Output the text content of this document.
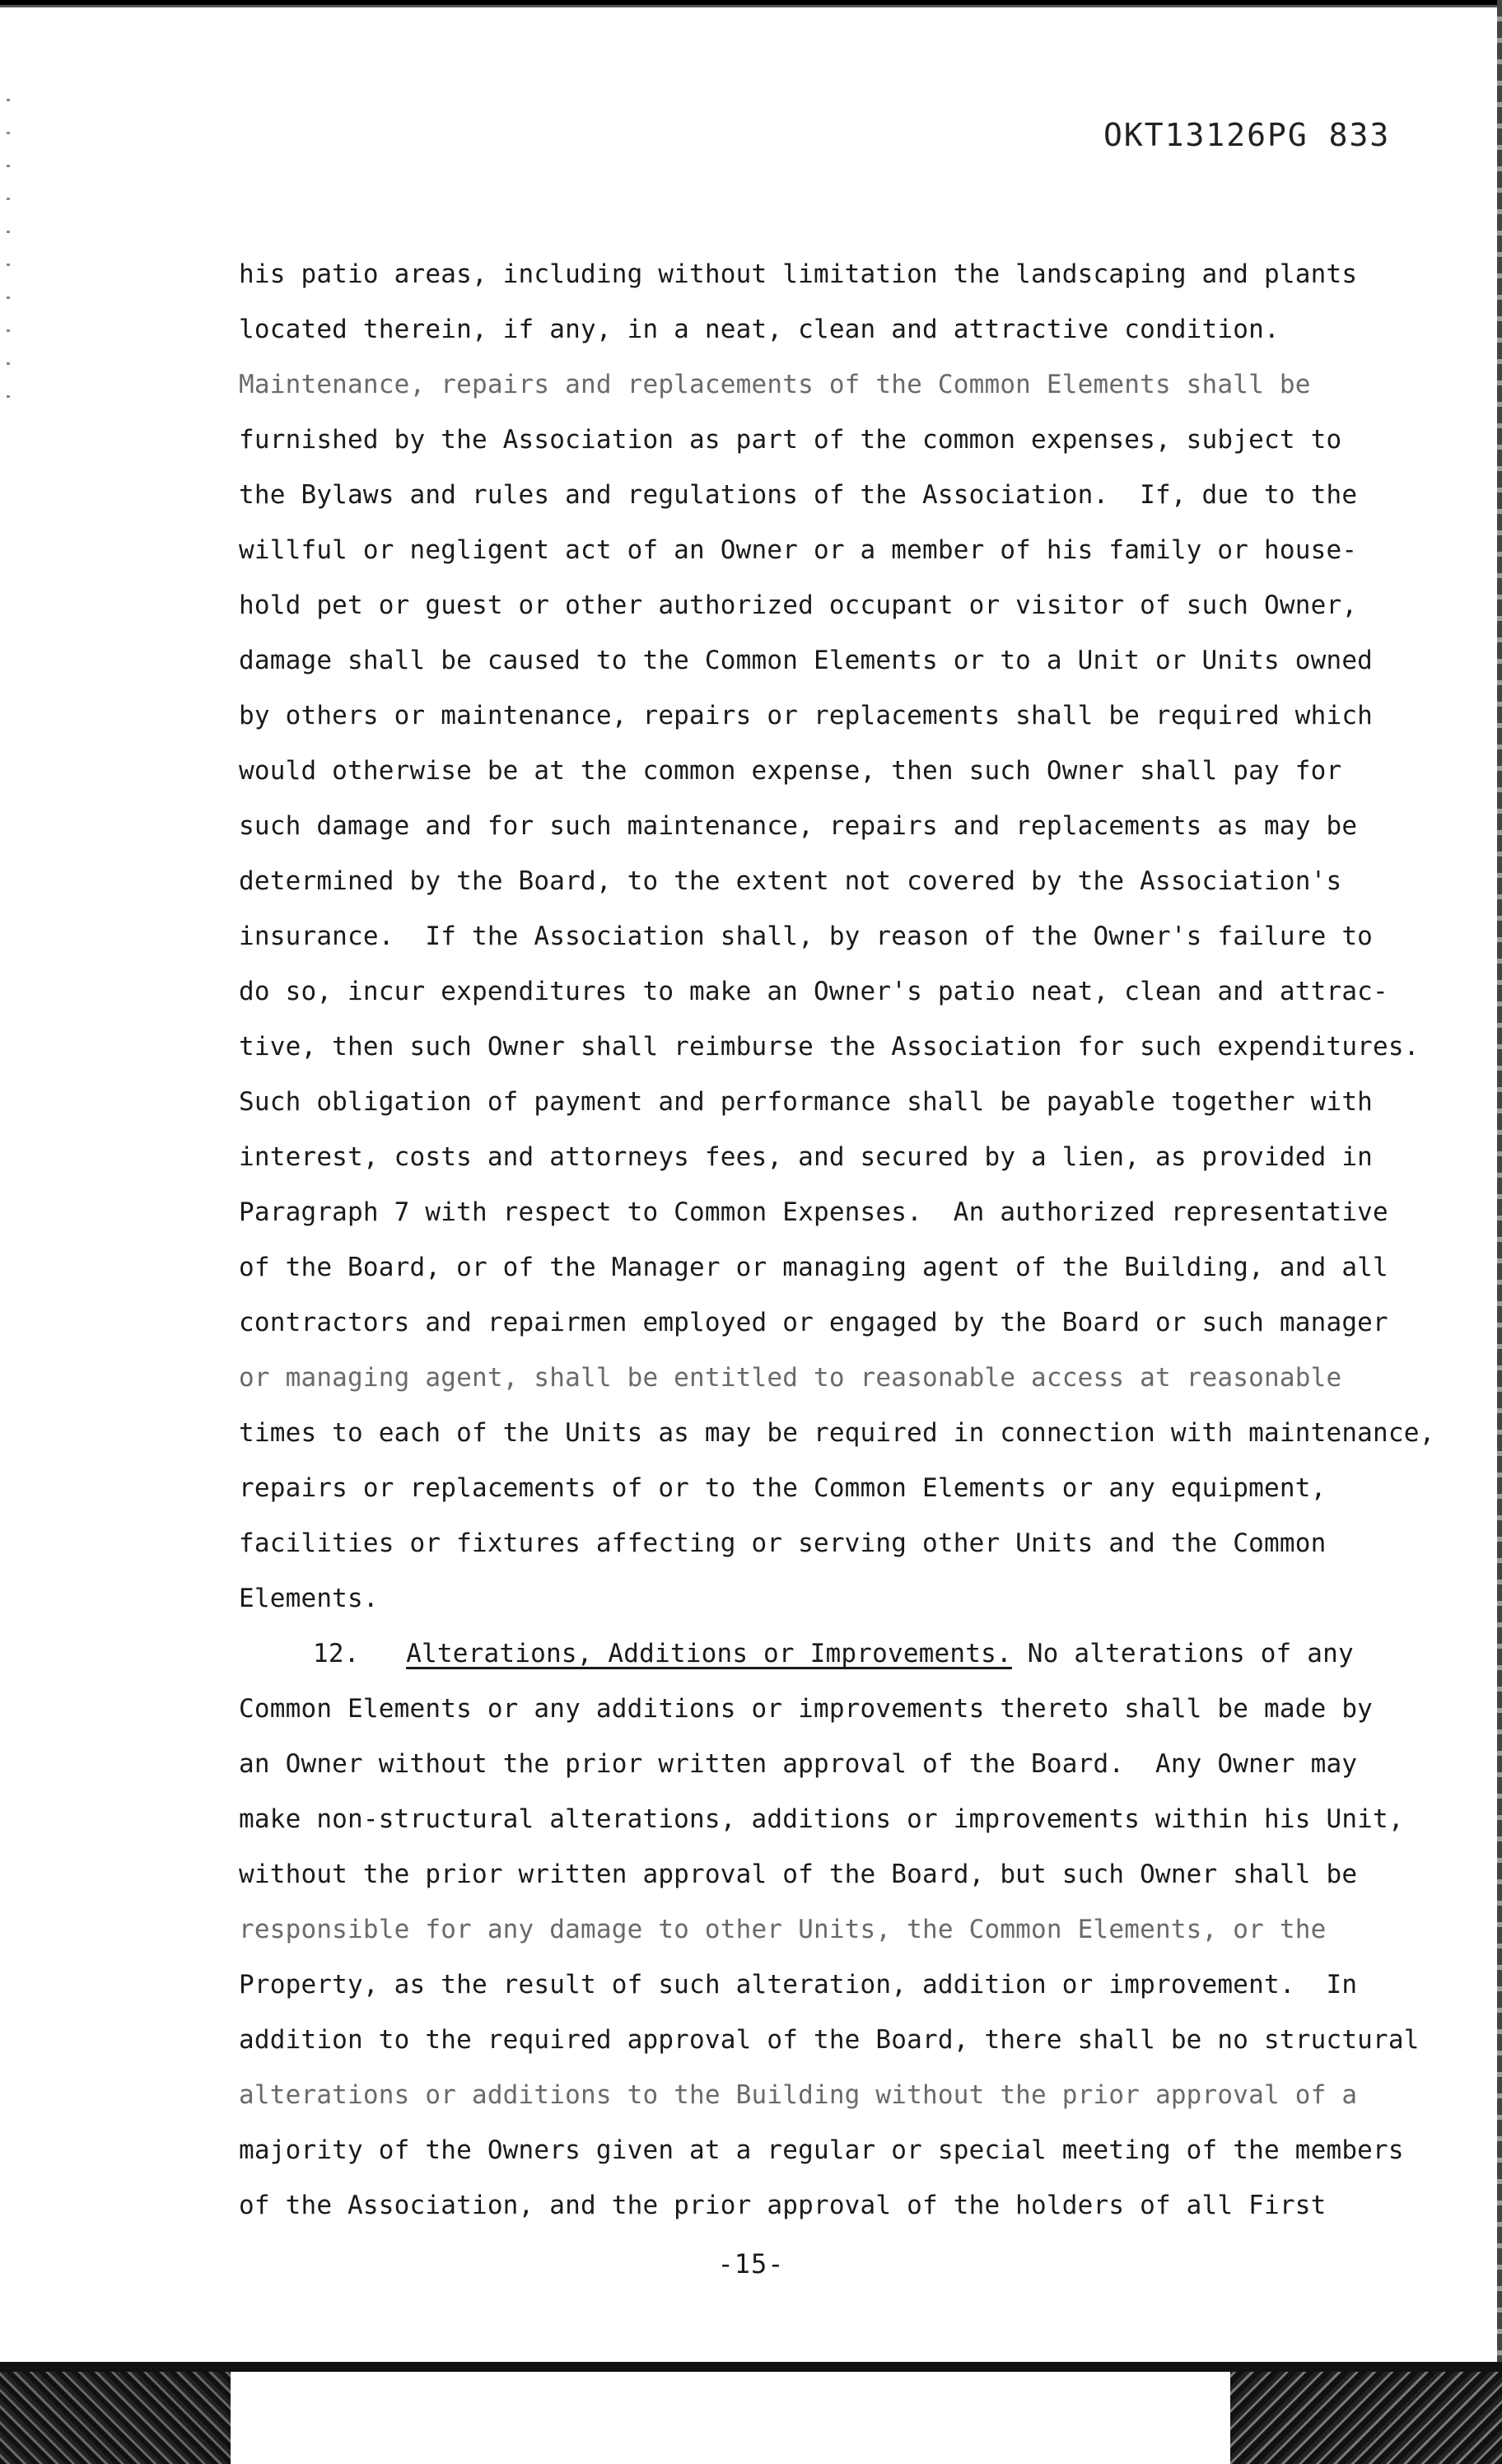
OKT13126PG 833
his patio areas, including without limitation the landscaping and plants
located therein, if any, in a neat, clean and attractive condition.
Maintenance, repairs and replacements of the Common Elements shall be
furnished by the Association as part of the common expenses, subject to
the Bylaws and rules and regulations of the Association.  If, due to the
willful or negligent act of an Owner or a member of his family or house-
hold pet or guest or other authorized occupant or visitor of such Owner,
damage shall be caused to the Common Elements or to a Unit or Units owned
by others or maintenance, repairs or replacements shall be required which
would otherwise be at the common expense, then such Owner shall pay for
such damage and for such maintenance, repairs and replacements as may be
determined by the Board, to the extent not covered by the Association's
insurance.  If the Association shall, by reason of the Owner's failure to
do so, incur expenditures to make an Owner's patio neat, clean and attrac-
tive, then such Owner shall reimburse the Association for such expenditures.
Such obligation of payment and performance shall be payable together with
interest, costs and attorneys fees, and secured by a lien, as provided in
Paragraph 7 with respect to Common Expenses.  An authorized representative
of the Board, or of the Manager or managing agent of the Building, and all
contractors and repairmen employed or engaged by the Board or such manager
or managing agent, shall be entitled to reasonable access at reasonable
times to each of the Units as may be required in connection with maintenance,
repairs or replacements of or to the Common Elements or any equipment,
facilities or fixtures affecting or serving other Units and the Common
Elements.
12. Alterations, Additions or Improvements. No alterations of any
Common Elements or any additions or improvements thereto shall be made by
an Owner without the prior written approval of the Board.  Any Owner may
make non-structural alterations, additions or improvements within his Unit,
without the prior written approval of the Board, but such Owner shall be
responsible for any damage to other Units, the Common Elements, or the
Property, as the result of such alteration, addition or improvement.  In
addition to the required approval of the Board, there shall be no structural
alterations or additions to the Building without the prior approval of a
majority of the Owners given at a regular or special meeting of the members
of the Association, and the prior approval of the holders of all First
-15-
